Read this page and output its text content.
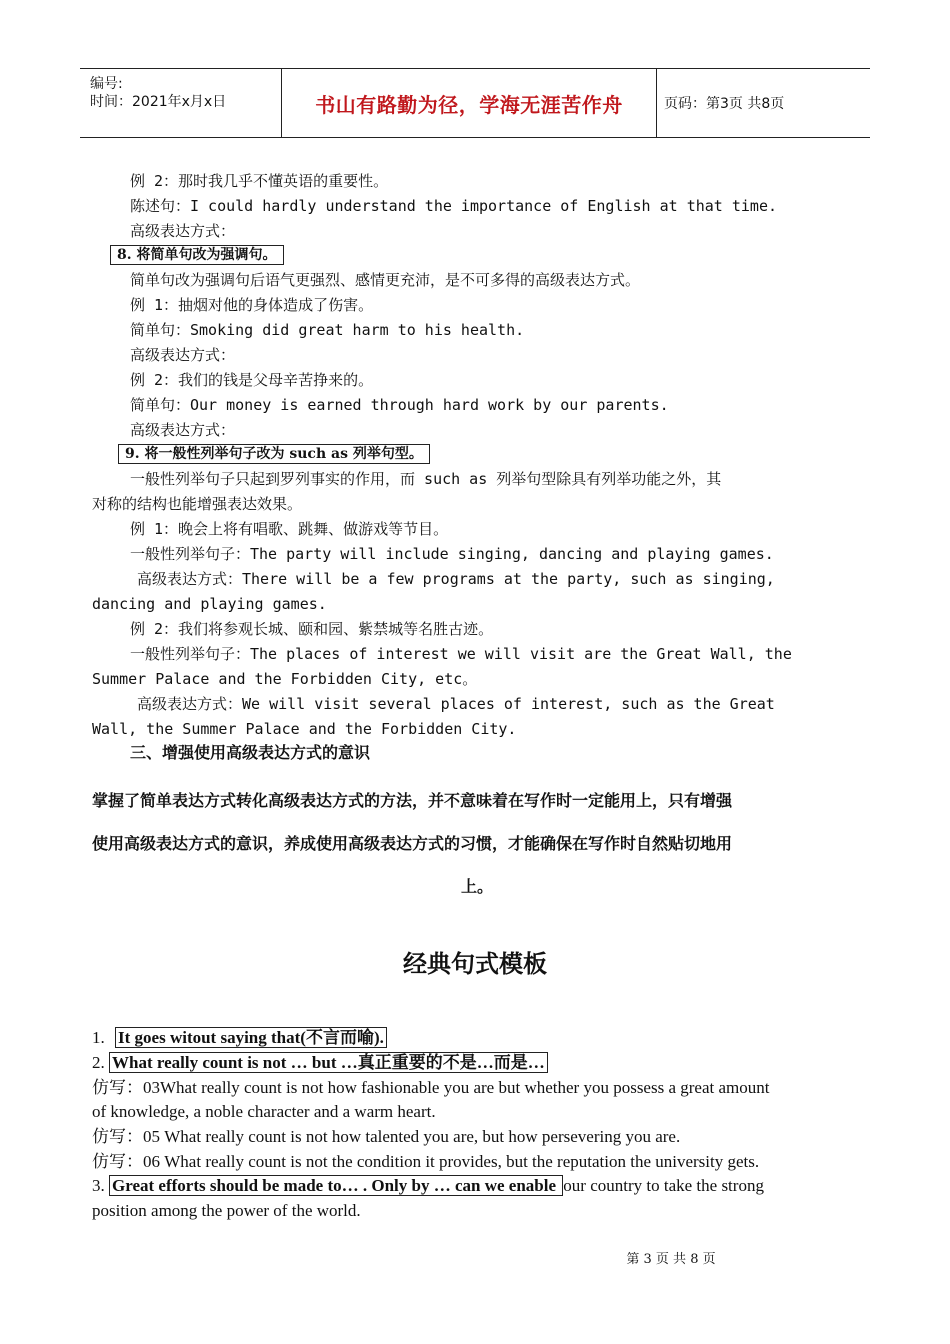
编号:
时间：2021年x月x日	书山有路勤为径，学海无涯苦作舟	页码：第3页 共8页
例 2：那时我几乎不懂英语的重要性。
陈述句：I could hardly understand the importance of English at that time.
高级表达方式：
8. 将简单句改为强调句。
简单句改为强调句后语气更强烈、感情更充沛，是不可多得的高级表达方式。
例 1：抽烟对他的身体造成了伤害。
简单句：Smoking did great harm to his health.
高级表达方式：
例 2：我们的钱是父母辛苦挣来的。
简单句：Our money is earned through hard work by our parents.
高级表达方式：
9. 将一般性列举句子改为 such as 列举句型。
一般性列举句子只起到罗列事实的作用，而 such as 列举句型除具有列举功能之外，其
对称的结构也能增强表达效果。
例 1：晚会上将有唱歌、跳舞、做游戏等节目。
一般性列举句子：The party will include singing, dancing and playing games.
高级表达方式：There will be a few programs at the party, such as singing,
dancing and playing games.
例 2：我们将参观长城、颐和园、紫禁城等名胜古迹。
一般性列举句子：The places of interest we will visit are the Great Wall, the
Summer Palace and the Forbidden City, etc。
高级表达方式：We will visit several places of interest, such as the Great
Wall, the Summer Palace and the Forbidden City.
三、增强使用高级表达方式的意识
掌握了简单表达方式转化高级表达方式的方法，并不意味着在写作时一定能用上，只有增强
使用高级表达方式的意识，养成使用高级表达方式的习惯，才能确保在写作时自然贴切地用
上。
经典句式模板
1. It goes witout saying that(不言而喻).
2. What really count is not … but …真正重要的不是…而是…
仿写：03What really count is not how fashionable you are but whether you possess a great amount
of knowledge, a noble character and a warm heart.
仿写：05 What really count is not how talented you are, but how persevering you are.
仿写：06 What really count is not the condition it provides, but the reputation the university gets.
3. Great efforts should be made to… . Only by … can we enable our country to take the strong
position among the power of the world.
第 3 页 共 8 页
